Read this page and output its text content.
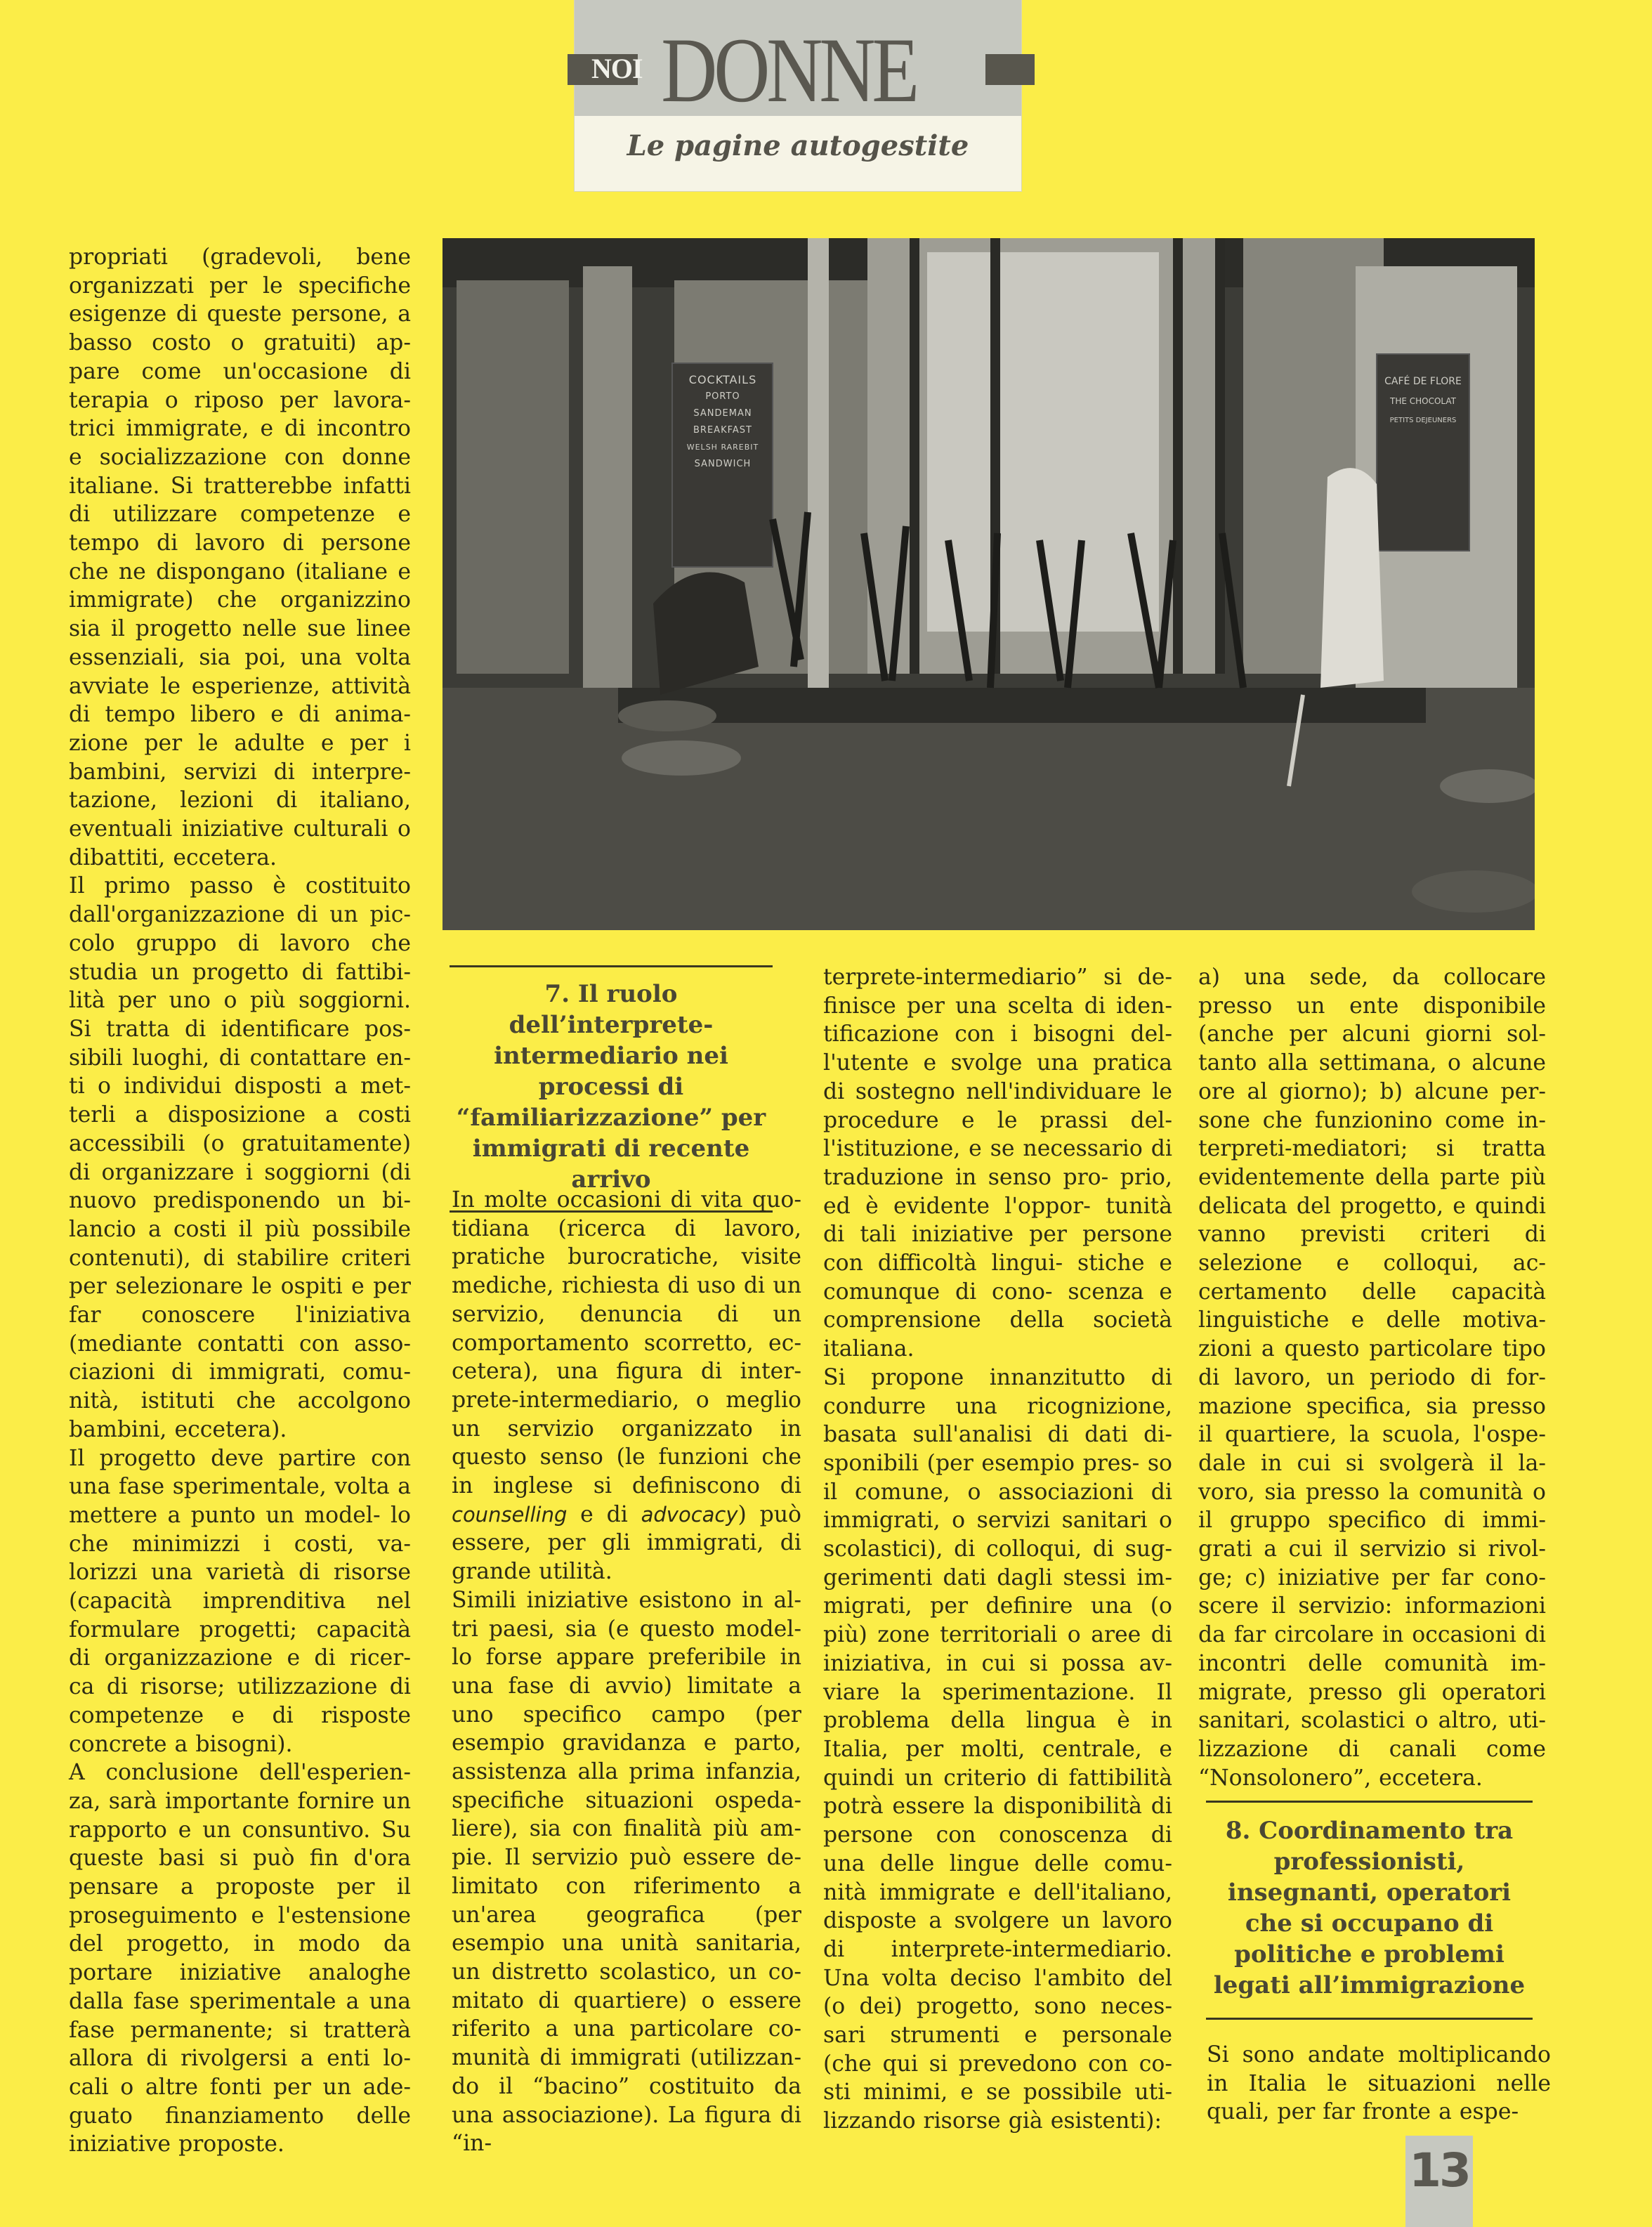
NOI DONNE
Le pagine autogestite
COCKTAILS
PORTO SANDEMAN
BREAKFAST
WELSH RAREBIT
SANDWICH
CAFÉ DE FLORE
THE CHOCOLAT
PETITS DEJEUNERS

propriati (gradevoli, bene organizzati per le specifiche esigenze di queste persone, a basso costo o gratuiti) ap- pare come un'occasione di terapia o riposo per lavora- trici immigrate, e di incontro e socializzazione con donne italiane. Si tratterebbe infatti di utilizzare competenze e tempo di lavoro di persone che ne dispongano (italiane e immigrate) che organizzino sia il progetto nelle sue linee essenziali, sia poi, una volta avviate le esperienze, attività di tempo libero e di anima- zione per le adulte e per i bambini, servizi di interpre- tazione, lezioni di italiano, eventuali iniziative culturali o dibattiti, eccetera.

Il primo passo è costituito dall'organizzazione di un pic- colo gruppo di lavoro che studia un progetto di fattibi- lità per uno o più soggiorni. Si tratta di identificare pos- sibili luoghi, di contattare en- ti o individui disposti a met- terli a disposizione a costi accessibili (o gratuitamente) di organizzare i soggiorni (di nuovo predisponendo un bi- lancio a costi il più possibile contenuti), di stabilire criteri per selezionare le ospiti e per far conoscere l'iniziativa (mediante contatti con asso- ciazioni di immigrati, comu- nità, istituti che accolgono bambini, eccetera).

Il progetto deve partire con una fase sperimentale, volta a mettere a punto un model- lo che minimizzi i costi, va- lorizzi una varietà di risorse (capacità imprenditiva nel formulare progetti; capacità di organizzazione e di ricer- ca di risorse; utilizzazione di competenze e di risposte concrete a bisogni).

A conclusione dell'esperien- za, sarà importante fornire un rapporto e un consuntivo. Su queste basi si può fin d'ora pensare a proposte per il proseguimento e l'estensione del progetto, in modo da portare iniziative analoghe dalla fase sperimentale a una fase permanente; si tratterà allora di rivolgersi a enti lo- cali o altre fonti per un ade- guato finanziamento delle iniziative proposte.

7. Il ruolo dell’interprete- intermediario nei processi di “familiarizzazione” per immigrati di recente arrivo

In molte occasioni di vita quo- tidiana (ricerca di lavoro, pratiche burocratiche, visite mediche, richiesta di uso di un servizio, denuncia di un comportamento scorretto, ec- cetera), una figura di inter- prete-intermediario, o meglio un servizio organizzato in questo senso (le funzioni che in inglese si definiscono di counselling e di advocacy) può essere, per gli immigrati, di grande utilità.

Simili iniziative esistono in al- tri paesi, sia (e questo model- lo forse appare preferibile in una fase di avvio) limitate a uno specifico campo (per esempio gravidanza e parto, assistenza alla prima infanzia, specifiche situazioni ospeda- liere), sia con finalità più am- pie. Il servizio può essere de- limitato con riferimento a un'area geografica (per esempio una unità sanitaria, un distretto scolastico, un co- mitato di quartiere) o essere riferito a una particolare co- munità di immigrati (utilizzan- do il “bacino” costituito da una associazione). La figura di “in-

terprete-intermediario” si de- finisce per una scelta di iden- tificazione con i bisogni del- l'utente e svolge una pratica di sostegno nell'individuare le procedure e le prassi del- l'istituzione, e se necessario di traduzione in senso pro- prio, ed è evidente l'oppor- tunità di tali iniziative per persone con difficoltà lingui- stiche e comunque di cono- scenza e comprensione della società italiana.

Si propone innanzitutto di condurre una ricognizione, basata sull'analisi di dati di- sponibili (per esempio pres- so il comune, o associazioni di immigrati, o servizi sanitari o scolastici), di colloqui, di sug- gerimenti dati dagli stessi im- migrati, per definire una (o più) zone territoriali o aree di iniziativa, in cui si possa av- viare la sperimentazione. Il problema della lingua è in Italia, per molti, centrale, e quindi un criterio di fattibilità potrà essere la disponibilità di persone con conoscenza di una delle lingue delle comu- nità immigrate e dell'italiano, disposte a svolgere un lavoro di interprete-intermediario. Una volta deciso l'ambito del (o dei) progetto, sono neces- sari strumenti e personale (che qui si prevedono con co- sti minimi, e se possibile uti- lizzando risorse già esistenti):

a) una sede, da collocare presso un ente disponibile (anche per alcuni giorni sol- tanto alla settimana, o alcune ore al giorno); b) alcune per- sone che funzionino come in- terpreti-mediatori; si tratta evidentemente della parte più delicata del progetto, e quindi vanno previsti criteri di selezione e colloqui, ac- certamento delle capacità linguistiche e delle motiva- zioni a questo particolare tipo di lavoro, un periodo di for- mazione specifica, sia presso il quartiere, la scuola, l'ospe- dale in cui si svolgerà il la- voro, sia presso la comunità o il gruppo specifico di immi- grati a cui il servizio si rivol- ge; c) iniziative per far cono- scere il servizio: informazioni da far circolare in occasioni di incontri delle comunità im- migrate, presso gli operatori sanitari, scolastici o altro, uti- lizzazione di canali come “Nonsolonero”, eccetera.

8. Coordinamento tra professionisti, insegnanti, operatori che si occupano di politiche e problemi legati all’immigrazione

Si sono andate moltiplicando in Italia le situazioni nelle quali, per far fronte a espe-

13
